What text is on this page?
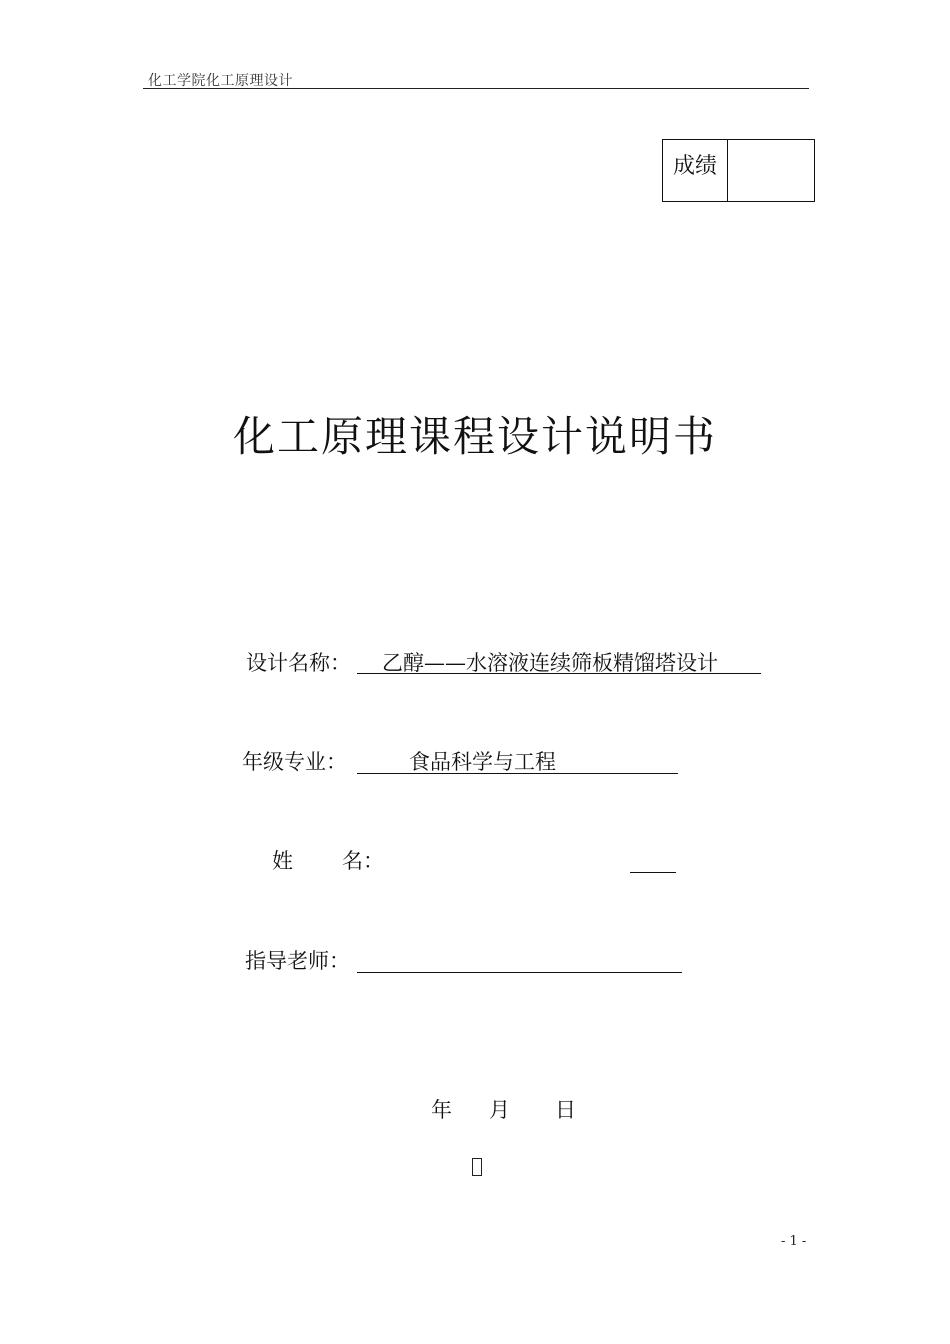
化工学院化工原理设计
成绩
化工原理课程设计说明书
设计名称： 乙醇——水溶液连续筛板精馏塔设计
年级专业：	食品科学与工程
姓 名：
指导老师：
年 月 日
- 1 -
